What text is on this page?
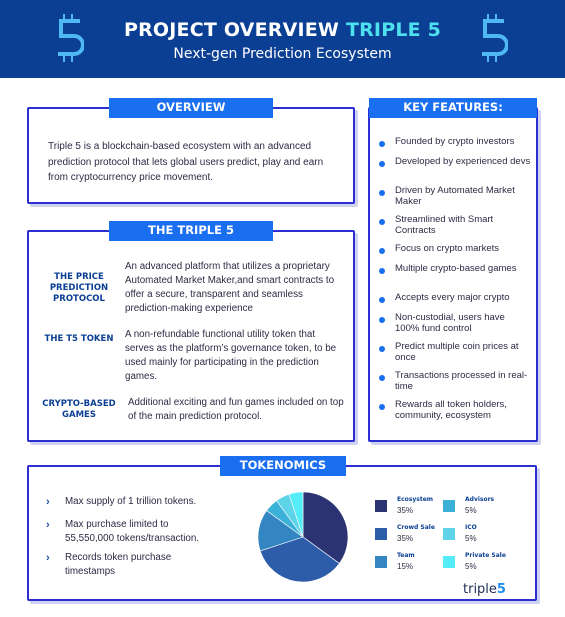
PROJECT OVERVIEW TRIPLE 5
Next-gen Prediction Ecosystem
Triple 5 is a blockchain-based ecosystem with an advanced prediction protocol that lets global users predict, play and earn from cryptocurrency price movement.
OVERVIEW
Founded by crypto investors
Developed by experienced devs
Driven by Automated Market Maker
Streamlined with Smart Contracts
Focus on crypto markets
Multiple crypto-based games
Accepts every major crypto
Non-custodial, users have 100% fund control
Predict multiple coin prices at once
Transactions processed in real-time
Rewards all token holders, community, ecosystem
KEY FEATURES:
THE PRICE PREDICTION PROTOCOL
An advanced platform that utilizes a proprietary Automated Market Maker,and smart contracts to offer a secure, transparent and seamless prediction-making experience
THE T5 TOKEN	A non-refundable functional utility token that serves as the platform’s governance token, to be used mainly for participating in the prediction games.
CRYPTO-BASED GAMES
Additional exciting and fun games included on top of the main prediction protocol.
THE TRIPLE 5 ECOSYSTEM
› Max supply of 1 trillion tokens.
› Max purchase limited to 55,550,000 tokens/transaction.
› Records token purchase timestamps
TOKENOMICS
Ecosystem
35%
Crowd Sale
35%
Team
15%
Advisors
5%
ICO
5%
Private Sale
5%
triple5
